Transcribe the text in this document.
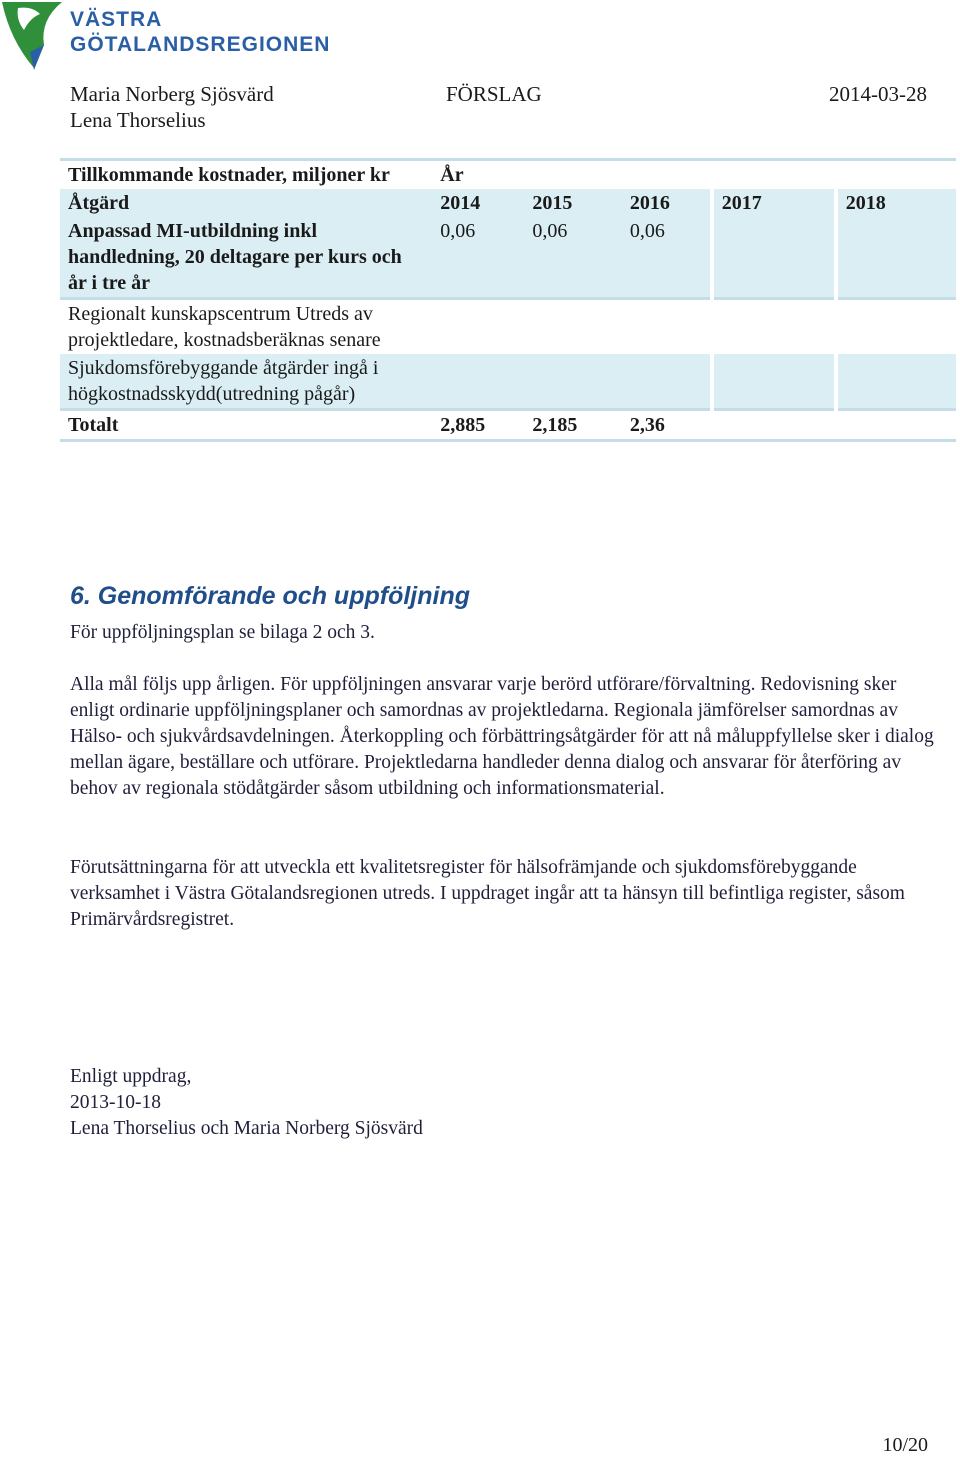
VÄSTRA
GÖTALANDSREGIONEN
Maria Norberg Sjösvärd
Lena Thorselius
FÖRSLAG	2014-03-28
Tillkommande kostnader, miljoner kr	År				
Åtgärd	2014	2015	2016	2017	2018
Anpassad MI-utbildning inkl handledning, 20 deltagare per kurs och år i tre år	0,06	0,06	0,06		
Regionalt kunskapscentrum Utreds av projektledare, kostnadsberäknas senare					
Sjukdomsförebyggande åtgärder ingå i högkostnadsskydd(utredning pågår)					
Totalt	2,885	2,185	2,36		
6. Genomförande och uppföljning

För uppföljningsplan se bilaga 2 och 3.

Alla mål följs upp årligen. För uppföljningen ansvarar varje berörd utförare/förvaltning. Redovisning sker enligt ordinarie uppföljningsplaner och samordnas av projektledarna. Regionala jämförelser samordnas av Hälso- och sjukvårdsavdelningen. Återkoppling och förbättringsåtgärder för att nå måluppfyllelse sker i dialog mellan ägare, beställare och utförare. Projektledarna handleder denna dialog och ansvarar för återföring av behov av regionala stödåtgärder såsom utbildning och informationsmaterial.

Förutsättningarna för att utveckla ett kvalitetsregister för hälsofrämjande och sjukdomsförebyggande verksamhet i Västra Götalandsregionen utreds. I uppdraget ingår att ta hänsyn till befintliga register, såsom Primärvårdsregistret.

Enligt uppdrag,

2013-10-18

Lena Thorselius och Maria Norberg Sjösvärd

10/20
